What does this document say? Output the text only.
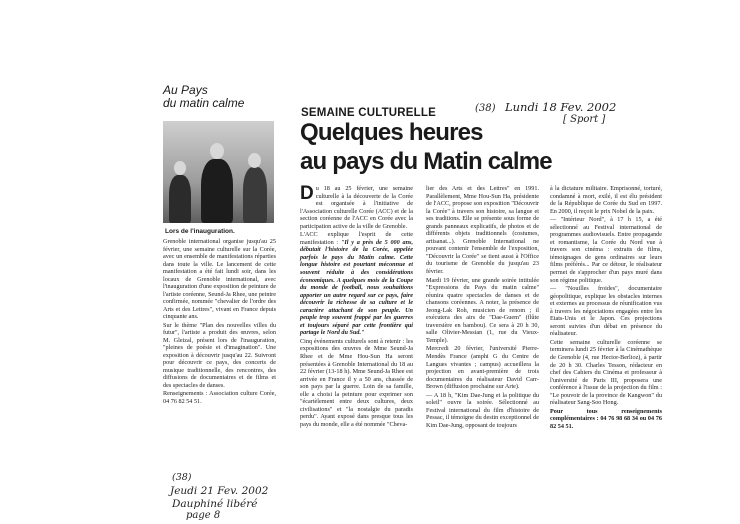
(38) Lundi 18 Fev. 2002
[ Sport ]
(38)
Jeudi 21 Fev. 2002
Dauphiné libéré
page 8
Au Pays
du matin calme
Lors de l'inauguration.

Grenoble international organise jusqu'au 25 février, une semaine culturelle sur la Corée, avec un ensemble de manifestations réparties dans toute la ville. Le lancement de cette manifestation a été fait lundi soir, dans les locaux de Grenoble international, avec l'inauguration d'une exposition de peinture de l'artiste coréenne, Seund-Ja Rhee, une peintre confirmée, nommée "chevalier de l'ordre des Arts et des Lettres", vivant en France depuis cinquante ans.

Sur le thème "Plan des nouvelles villes du futur", l'artiste a produit des œuvres, selon M. Gleizal, présent lors de l'inauguration, "pleines de poésie et d'imagination". Une exposition à découvrir jusqu'au 22. Suivront pour découvrir ce pays, des concerts de musique traditionnelle, des rencontres, des diffusions de documentaires et de films et des spectacles de danses.

Renseignements : Association culture Corée, 04 76 82 54 51.

SEMAINE CULTURELLE
Quelques heures
au pays du Matin calme

Du 18 au 25 février, une semaine culturelle à la découverte de la Corée est organisée à l'initiative de l'Association culturelle Corée (ACC) et de la section coréenne de l'ACC en Corée avec la participation active de la ville de Grenoble.

L'ACC explique l'esprit de cette manifestation : "Il y a près de 5 000 ans, débutait l'histoire de la Corée, appelée parfois le pays du Matin calme. Cette longue histoire est pourtant méconnue et souvent réduite à des considérations économiques. A quelques mois de la Coupe du monde de football, nous souhaitions apporter un autre regard sur ce pays, faire découvrir la richesse de sa culture et le caractère attachant de son peuple. Un peuple trop souvent frappé par les guerres et toujours séparé par cette frontière qui partage le Nord du Sud."

Cinq événements culturels sont à retenir : les expositions des œuvres de Mme Seund-Ja Rhee et de Mme Hou-Sun Ha seront présentées à Grenoble International du 18 au 22 février (13-18 h). Mme Seund-Ja Rhee est arrivée en France il y a 50 ans, chassée de son pays par la guerre. Loin de sa famille, elle a choisi la peinture pour exprimer son "écartèlement entre deux cultures, deux civilisations" et "la nostalgie du paradis perdu". Ayant exposé dans presque tous les pays du monde, elle a été nommée "Cheva-

lier des Arts et des Lettres" en 1991. Parallèlement, Mme Hou-Sun Ha, présidente de l'ACC, propose son exposition "Découvrir la Corée" à travers son histoire, sa langue et ses traditions. Elle se présente sous forme de grands panneaux explicatifs, de photos et de différents objets traditionnels (costumes, artisanat...). Grenoble International ne pouvant contenir l'ensemble de l'exposition, "Découvrir la Corée" se tient aussi à l'Office du tourisme de Grenoble du jusqu'au 23 février.

Mardi 19 février, une grande soirée intitulée "Expressions du Pays du matin calme" réunira quatre spectacles de danses et de chansons coréennes. A noter, la présence de Jeong-Lak Roh, musicien de renom ; il exécutera des airs de "Dae-Guem" (flûte traversière en bambou). Ce sera à 20 h 30, salle Olivier-Messian (1, rue du Vieux-Temple).

Mercredi 20 février, l'université Pierre-Mendès France (amphi G du Centre de Langues vivantes ; campus) accueillera la projection en avant-première de trois documentaires du réalisateur David Carr-Brown (diffusion prochaine sur Arte).

— A 18 h, "Kim Dae-Jung et la politique du soleil" ouvre la soirée. Sélectionné au Festival international du film d'histoire de Pessac, il témoigne du destin exceptionnel de Kim Dae-Jung, opposant de toujours

à la dictature militaire. Emprisonné, torturé, condamné à mort, exilé, il est élu président de la République de Corée du Sud en 1997. En 2000, il reçoit le prix Nobel de la paix.

— "Intérieur Nord", à 17 h 15, a été sélectionné au Festival international de programmes audiovisuels. Entre propagande et romantisme, la Corée du Nord vue à travers son cinéma : extraits de films, témoignages de gens ordinaires sur leurs films préférés... Par ce détour, le réalisateur permet de s'approcher d'un pays muré dans son régime politique.

— "Nouilles froides", documentaire géopolitique, explique les obstacles internes et externes au processus de réunification vus à travers les négociations engagées entre les Etats-Unis et le Japon. Ces projections seront suivies d'un débat en présence du réalisateur.

Cette semaine culturelle coréenne se terminera lundi 25 février à la Cinémathèque de Grenoble (4, rue Hector-Berlioz), à partir de 20 h 30. Charles Tesson, rédacteur en chef des Cahiers du Cinéma et professeur à l'université de Paris III, proposera une conférence à l'issue de la projection du film : "Le pouvoir de la province de Kangwon" du réalisateur Sang-Soo Hong.

Pour tous renseignements complémentaires : 04 76 98 68 34 ou 04 76 82 54 51.
